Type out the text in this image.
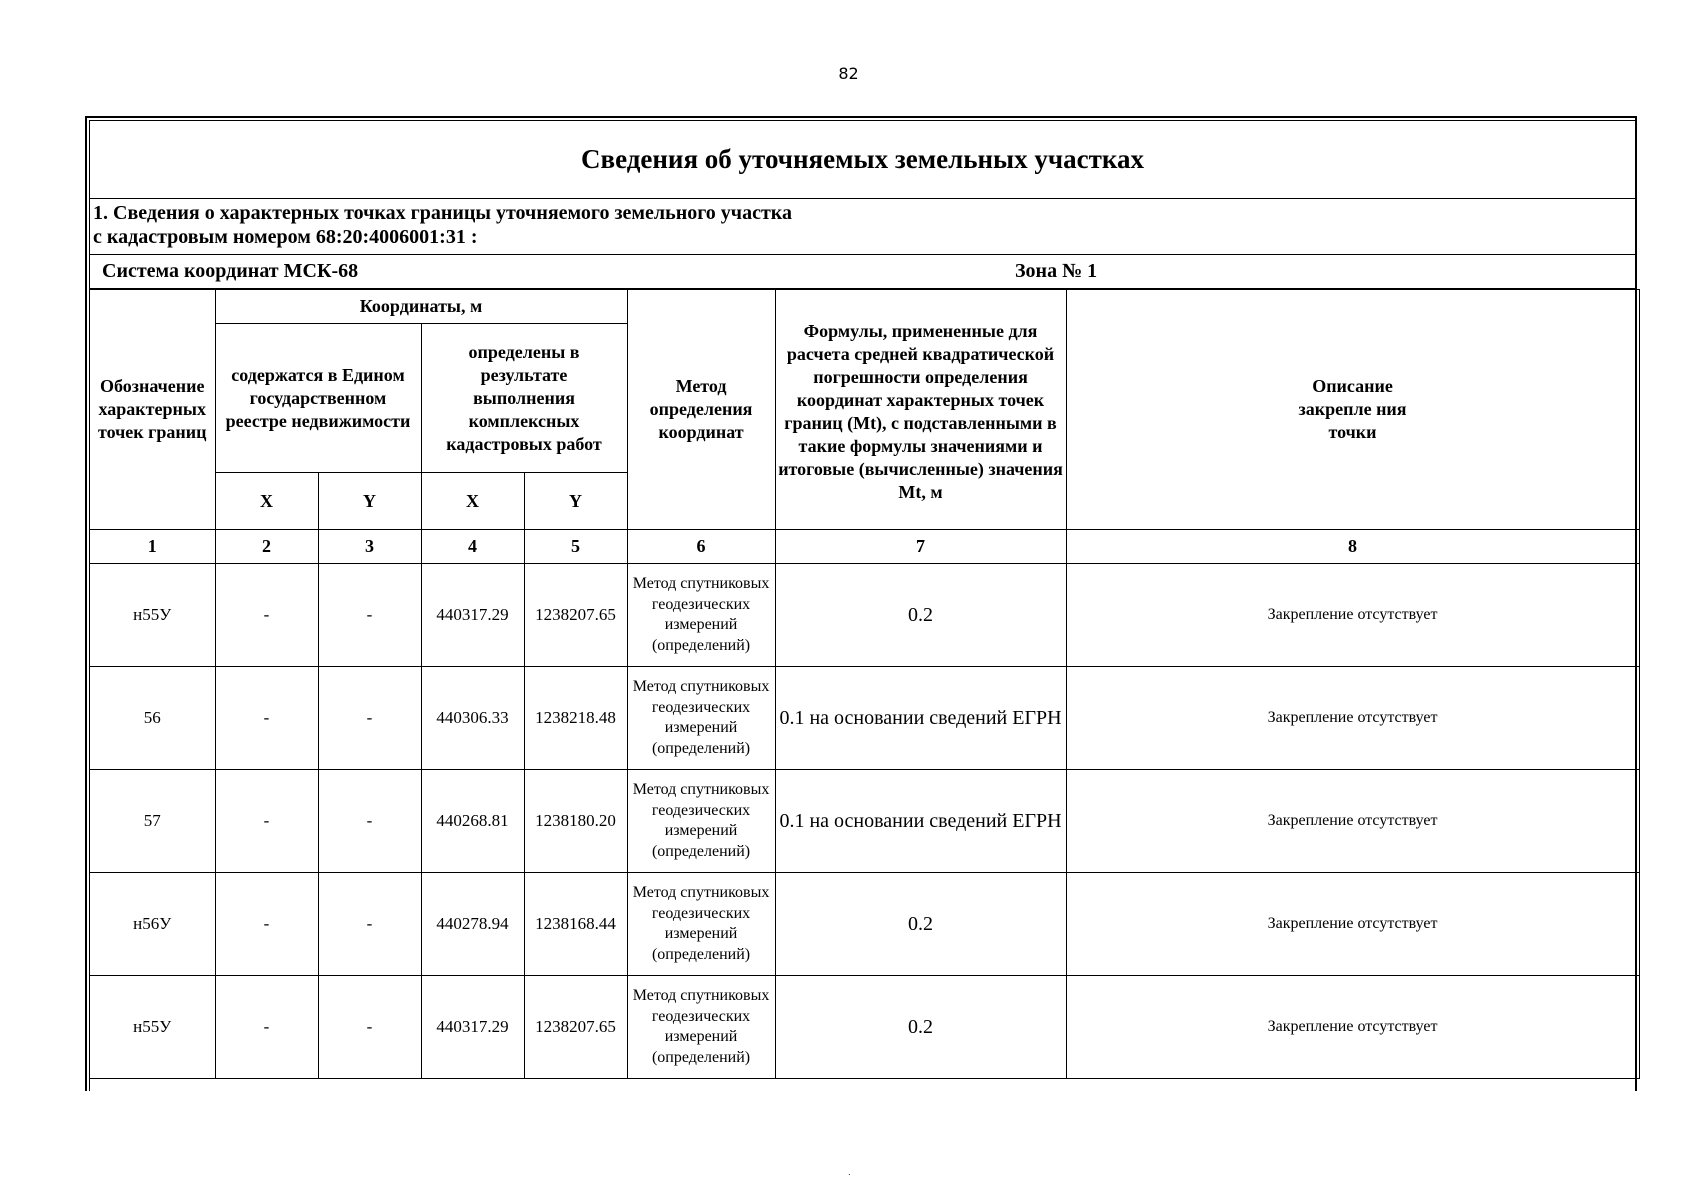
82
Сведения об уточняемых земельных участках
1. Сведения о характерных точках границы уточняемого земельного участка
с кадастровым номером 68:20:4006001:31 :
Система координат МСК-68	Зона № 1
Обозначение характерных точек границ	Координаты, м				Метод определения координат	Формулы, примененные для расчета средней квадратической погрешности определения координат характерных точек границ (Mt), с подставленными в такие формулы значениями и итоговые (вычисленные) значения Mt, м	Описание закрепле ния точки
	содержатся в Едином государственном реестре недвижимости		определены в результате выполнения комплексных кадастровых работ				
	X	Y	X	Y			
1	2	3	4	5	6	7	8
н55У	-	-	440317.29	1238207.65	Метод спутниковых геодезических измерений (определений)	0.2	Закрепление отсутствует
56	-	-	440306.33	1238218.48	Метод спутниковых геодезических измерений (определений)	0.1 на основании сведений ЕГРН	Закрепление отсутствует
57	-	-	440268.81	1238180.20	Метод спутниковых геодезических измерений (определений)	0.1 на основании сведений ЕГРН	Закрепление отсутствует
н56У	-	-	440278.94	1238168.44	Метод спутниковых геодезических измерений (определений)	0.2	Закрепление отсутствует
н55У	-	-	440317.29	1238207.65	Метод спутниковых геодезических измерений (определений)	0.2	Закрепление отсутствует
.
